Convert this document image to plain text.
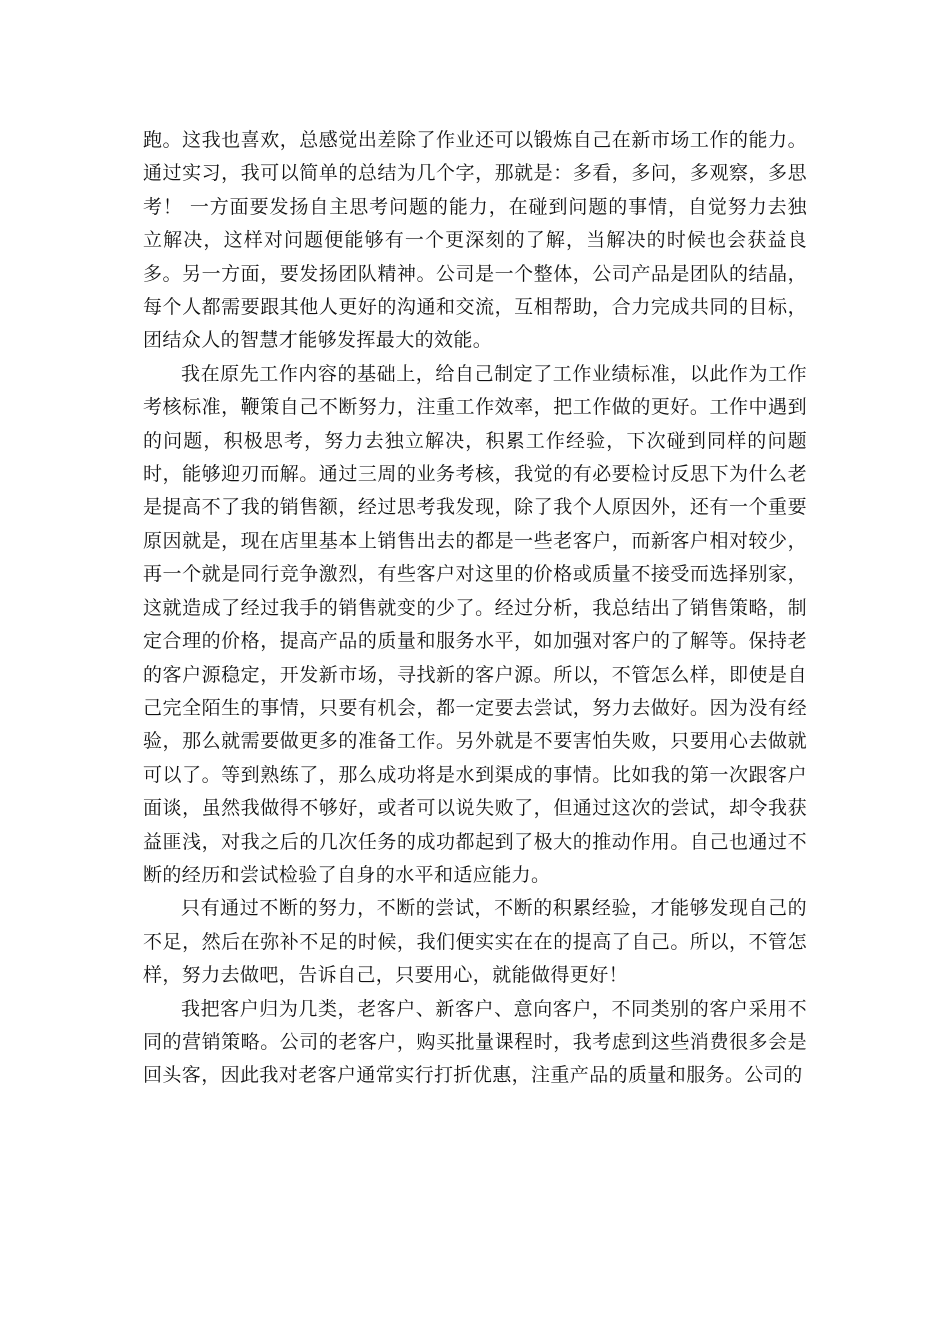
跑。这我也喜欢，总感觉出差除了作业还可以锻炼自己在新市场工作的能力。通过实习，我可以简单的总结为几个字，那就是：多看，多问，多观察，多思考！ 一方面要发扬自主思考问题的能力，在碰到问题的事情，自觉努力去独立解决，这样对问题便能够有一个更深刻的了解，当解决的时候也会获益良多。另一方面，要发扬团队精神。公司是一个整体，公司产品是团队的结晶，每个人都需要跟其他人更好的沟通和交流，互相帮助，合力完成共同的目标，团结众人的智慧才能够发挥最大的效能。

我在原先工作内容的基础上，给自己制定了工作业绩标准，以此作为工作考核标准，鞭策自己不断努力，注重工作效率，把工作做的更好。工作中遇到的问题，积极思考，努力去独立解决，积累工作经验，下次碰到同样的问题时，能够迎刃而解。通过三周的业务考核，我觉的有必要检讨反思下为什么老是提高不了我的销售额，经过思考我发现，除了我个人原因外，还有一个重要原因就是，现在店里基本上销售出去的都是一些老客户，而新客户相对较少，再一个就是同行竞争激烈，有些客户对这里的价格或质量不接受而选择别家，这就造成了经过我手的销售就变的少了。经过分析，我总结出了销售策略，制定合理的价格，提高产品的质量和服务水平，如加强对客户的了解等。保持老的客户源稳定，开发新市场，寻找新的客户源。所以，不管怎么样，即使是自己完全陌生的事情，只要有机会，都一定要去尝试，努力去做好。因为没有经验，那么就需要做更多的准备工作。另外就是不要害怕失败，只要用心去做就可以了。等到熟练了，那么成功将是水到渠成的事情。比如我的第一次跟客户面谈，虽然我做得不够好，或者可以说失败了，但通过这次的尝试，却令我获益匪浅，对我之后的几次任务的成功都起到了极大的推动作用。自己也通过不断的经历和尝试检验了自身的水平和适应能力。

只有通过不断的努力，不断的尝试，不断的积累经验，才能够发现自己的不足，然后在弥补不足的时候，我们便实实在在的提高了自己。所以，不管怎样，努力去做吧，告诉自己，只要用心，就能做得更好！

我把客户归为几类，老客户、新客户、意向客户，不同类别的客户采用不同的营销策略。公司的老客户，购买批量课程时，我考虑到这些消费很多会是回头客，因此我对老客户通常实行打折优惠，注重产品的质量和服务。公司的
